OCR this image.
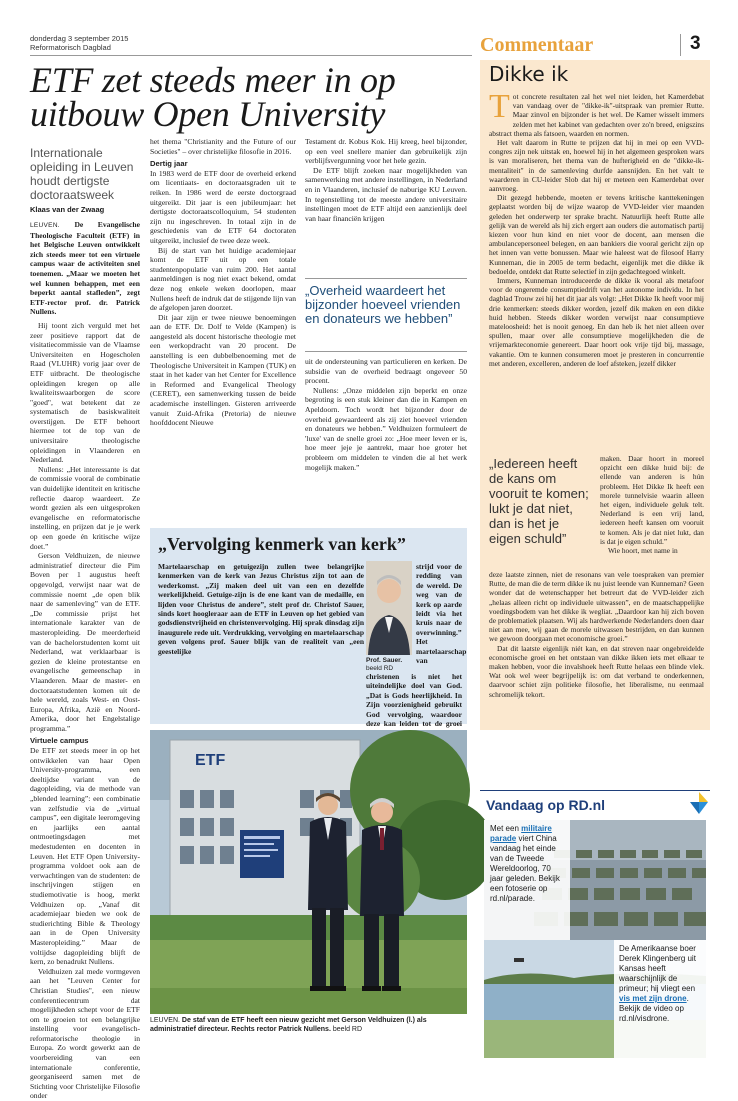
donderdag 3 september 2015
Reformatorisch Dagblad
ETF zet steeds meer in op uitbouw Open University
Internationale opleiding in Leuven houdt dertigste doctoraatsweek
Klaas van der Zwaag

LEUVEN. De Evangelische Theologische Faculteit (ETF) in het Belgische Leuven ontwikkelt zich steeds meer tot een virtuele campus waar de activiteiten snel toenemen. „Maar we moeten het wel kunnen behappen, met een beperkt aantal stafleden”, zegt ETF-rector prof. dr. Patrick Nullens.

Hij toont zich verguld met het zeer positieve rapport dat de visitatiecommissie van de Vlaamse Universiteiten en Hogescholen Raad (VLUHR) vorig jaar over de ETF uitbracht. De theologische opleidingen kregen op alle kwaliteitswaarborgen de score "goed", wat betekent dat ze systematisch de basiskwaliteit overstijgen. De ETF behoort hiermee tot de top van de universitaire theologische opleidingen in Vlaanderen en Nederland.

Nullens: „Het interessante is dat de commissie vooral de combinatie van duidelijke identiteit en kritische reflectie daarop waardeert. Ze wordt gezien als een uitgesproken evangelische en reformatorische instelling, en prijzen dat je je werk op een goede én kritische wijze doet.”

Gerson Veldhuizen, de nieuwe administratief directeur die Pim Boven per 1 augustus heeft opgevolgd, verwijst naar wat de commissie noemt „de open blik naar de samenleving” van de ETF. „De commissie prijst het internationale karakter van de masteropleiding. De meerderheid van de bachelorstudenten komt uit Nederland, wat verklaarbaar is gezien de kleine protestantse en evangelische gemeenschap in Vlaanderen. Maar de master- en doctoraatstudenten komen uit de hele wereld, zoals West- en Oost-Europa, Afrika, Azië en Noord-Amerika, door het Engelstalige programma.”

Virtuele campus

De ETF zet steeds meer in op het ontwikkelen van haar Open University-programma, een deeltijdse variant van de dagopleiding, via de methode van „blended learning”: een combinatie van zelfstudie via de „virtual campus”, een digitale leeromgeving en jaarlijks een aantal ontmoetingsdagen met medestudenten en docenten in Leuven. Het ETF Open University-programma voldoet ook aan de verwachtingen van de studenten: de inschrijvingen stijgen en studiemotivatie is hoog, merkt Veldhuizen op. „Vanaf dit academiejaar bieden we ook de studierichting Bible & Theology aan in de Open University Masteropleiding.” Maar de voltijdse dagopleiding blijft de kern, zo benadrukt Nullens.

Veldhuizen zal mede vormgeven aan het "Leuven Center for Christian Studies", een nieuw conferentiecentrum dat mogelijkheden schept voor de ETF om te groeien tot een belangrijke instelling voor evangelisch-reformatorische theologie in Europa. Zo wordt gewerkt aan de voorbereiding van een internationale conferentie, georganiseerd samen met de Stichting voor Christelijke Filosofie onder

het thema "Christianity and the Future of our Societies" – over christelijke filosofie in 2016.

Dertig jaar

In 1983 werd de ETF door de overheid erkend om licentiaats- en doctoraatsgraden uit te reiken. In 1986 werd de eerste doctorgraad uitgereikt. Dit jaar is een jubileumjaar: het dertigste doctoraatscolloquium, 54 studenten zijn nu ingeschreven. In totaal zijn in de geschiedenis van de ETF 64 doctoraten uitgereikt, inclusief de twee deze week.

Bij de start van het huidige academiejaar komt de ETF uit op een totale studentenpopulatie van ruim 200. Het aantal aanmeldingen is nog niet exact bekend, omdat deze nog enkele weken doorlopen, maar Nullens heeft de indruk dat de stijgende lijn van de afgelopen jaren doorzet.

Dit jaar zijn er twee nieuwe benoemingen aan de ETF. Dr. Dolf te Velde (Kampen) is aangesteld als docent historische theologie met een werkopdracht van 20 procent. De aanstelling is een dubbelbenoeming met de Theologische Universiteit in Kampen (TUK) en staat in het kader van het Center for Excellence in Reformed and Evangelical Theology (CERET), een samenwerking tussen de beide academische instellingen. Gisteren arriveerde vanuit Zuid-Afrika (Pretoria) de nieuwe hoofddocent Nieuwe

Testament dr. Kobus Kok. Hij kreeg, heel bijzonder, op een veel snellere manier dan gebruikelijk zijn verblijfsvergunning voor het hele gezin.

De ETF blijft zoeken naar mogelijkheden van samenwerking met andere instellingen, in Nederland en in Vlaanderen, inclusief de naburige KU Leuven. In tegenstelling tot de meeste andere universitaire instellingen moet de ETF altijd een aanzienlijk deel van haar financiën krijgen

„Overheid waardeert het bijzonder hoeveel vrienden en donateurs we hebben”

uit de ondersteuning van particulieren en kerken. De subsidie van de overheid bedraagt ongeveer 50 procent.

Nullens: „Onze middelen zijn beperkt en onze begroting is een stuk kleiner dan die in Kampen en Apeldoorn. Toch wordt het bijzonder door de overheid gewaardeerd als zij ziet hoeveel vrienden en donateurs we hebben.” Veldhuizen formuleert de 'luxe' van de snelle groei zo: „Hoe meer leven er is, hoe meer jeje je aantrekt, maar hoe groter het probleem om middelen te vinden die al het werk mogelijk maken.”

„Vervolging kenmerk van kerk”
Martelaarschap en getuigezijn zullen twee belangrijke kenmerken van de kerk van Jezus Christus zijn tot aan de wederkomst. „Zij maken deel uit van een en dezelfde werkelijkheid. Getuige-zijn is de ene kant van de medaille, en lijden voor Christus de andere”, stelt prof dr. Christof Sauer, sinds kort hoogleraar aan de ETF in Leuven op het gebied van godsdienstvrijheid en christenvervolging. Hij sprak dinsdag zijn inaugurele rede uit. Verdrukking, vervolging en martelaarschap geven volgens prof. Sauer blijk van de realiteit van „een geestelijke
Prof. Sauer.
beeld RD
strijd voor de redding van de wereld. De weg van de kerk op aarde leidt via het kruis naar de overwinning.” Het martelaarschap van
christenen is niet het uiteindelijke doel van God. „Dat is Gods heerlijkheid. In Zijn voorzienigheid gebruikt God vervolging, waardoor deze kan leiden tot de groei
ETF
LEUVEN. De staf van de ETF heeft een nieuw gezicht met Gerson Veldhuizen (l.) als administratief directeur. Rechts rector Patrick Nullens. beeld RD
Commentaar	3
Dikke ik

Tot concrete resultaten zal het wel niet leiden, het Kamerdebat van vandaag over de "dikke-ik"-uitspraak van premier Rutte. Maar zinvol en bijzonder is het wel. De Kamer wisselt immers zelden met het kabinet van gedachten over zo'n breed, enigszins abstract thema als fatsoen, waarden en normen.

Het valt daarom in Rutte te prijzen dat hij in mei op een VVD-congres zijn nek uitstak en, hoewel hij in het algemeen gesproken wars is van moraliseren, het thema van de hufterigheid en de "dikke-ik-mentaliteit" in de samenleving durfde aansnijden. En het valt te waarderen in CU-leider Slob dat hij er meteen een Kamerdebat over aanvroeg.

Dit gezegd hebbende, moeten er tevens kritische kanttekeningen geplaatst worden bij de wijze waarop de VVD-leider vier maanden geleden het onderwerp ter sprake bracht. Natuurlijk heeft Rutte alle gelijk van de wereld als hij zich ergert aan ouders die automatisch partij kiezen voor hun kind en niet voor de docent, aan mensen die ambulancepersoneel belegen, en aan bankiers die vooral gericht zijn op het innen van vette bonussen. Maar wie haleest wat de filosoof Harry Kunneman, die in 2005 de term bedacht, eigenlijk met die dikke ik bedoelde, ontdekt dat Rutte selectief in zijn gedachtegoed winkelt.

Immers, Kunneman introduceerde de dikke ik vooral als metafoor voor de ongeremde consumptiedrift van het autonome individu. In het dagblad Trouw zei hij het dit jaar als volgt: „Het Dikke Ik heeft voor mij drie kenmerken: steeds dikker worden, jezelf dik maken en een dikke huid hebben. Steeds dikker worden verwijst naar consumptieve mateloosheid: het is nooit genoeg. En dan heb ik het niet alleen over spullen, maar over alle consumptieve mogelijkheden die de vrijemarkteconomie genereert. Daar hoort ook vrije tijd bij, massage, vakantie. Om te kunnen consumeren moet je presteren in concurrentie met anderen, excelleren, anderen de loef afsteken, jezelf dikker

„Iedereen heeft de kans om vooruit te komen; lukt je dat niet, dan is het je eigen schuld”

maken. Daar hoort in moreel opzicht een dikke huid bij: de ellende van anderen is hún probleem. Het Dikke Ik heeft een morele tunnelvisie waarin alleen het eigen, individuele geluk telt. Nederland is een vrij land, iedereen heeft kansen om vooruit te komen. Als je dat niet lukt, dan is dat je eigen schuld.”

Wie hoort, met name in

deze laatste zinnen, niet de resonans van vele toespraken van premier Rutte, de man die de term dikke ik nu juist leende van Kunneman? Geen wonder dat de wetenschapper het betreurt dat de VVD-leider zich „helaas alleen richt op individuele uitwassen”, en de maatschappelijke voedingsbodem van het dikke ik wegliat. „Daardoor kan hij zich boven de problematiek plaatsen. Wij als hardwerkende Nederlanders doen daar niet aan mee, wij gaan de morele uitwassen bestrijden, en dan kunnen we gewoon doorgaan met economische groei.”

Dat dit laatste eigenlijk niét kan, en dat streven naar ongebreidelde economische groei en het ontstaan van dikke ikken iets met elkaar te maken hebben, voor die invalshoek heeft Rutte helaas een blinde vlek. Wat ook wel weer begrijpelijk is: om dat verband te onderkennen, daarvoor schiet zijn politieke filosofie, het liberalisme, nu eenmaal schromelijk tekort.

Vandaag op RD.nl
Met een militaire parade viert China vandaag het einde van de Tweede Wereldoorlog, 70 jaar geleden. Bekijk een fotoserie op rd.nl/parade.
De Amerikaanse boer Derek Klingenberg uit Kansas heeft waarschijnlijk de primeur; hij vliegt een vis met zijn drone. Bekijk de video op rd.nl/visdrone.
